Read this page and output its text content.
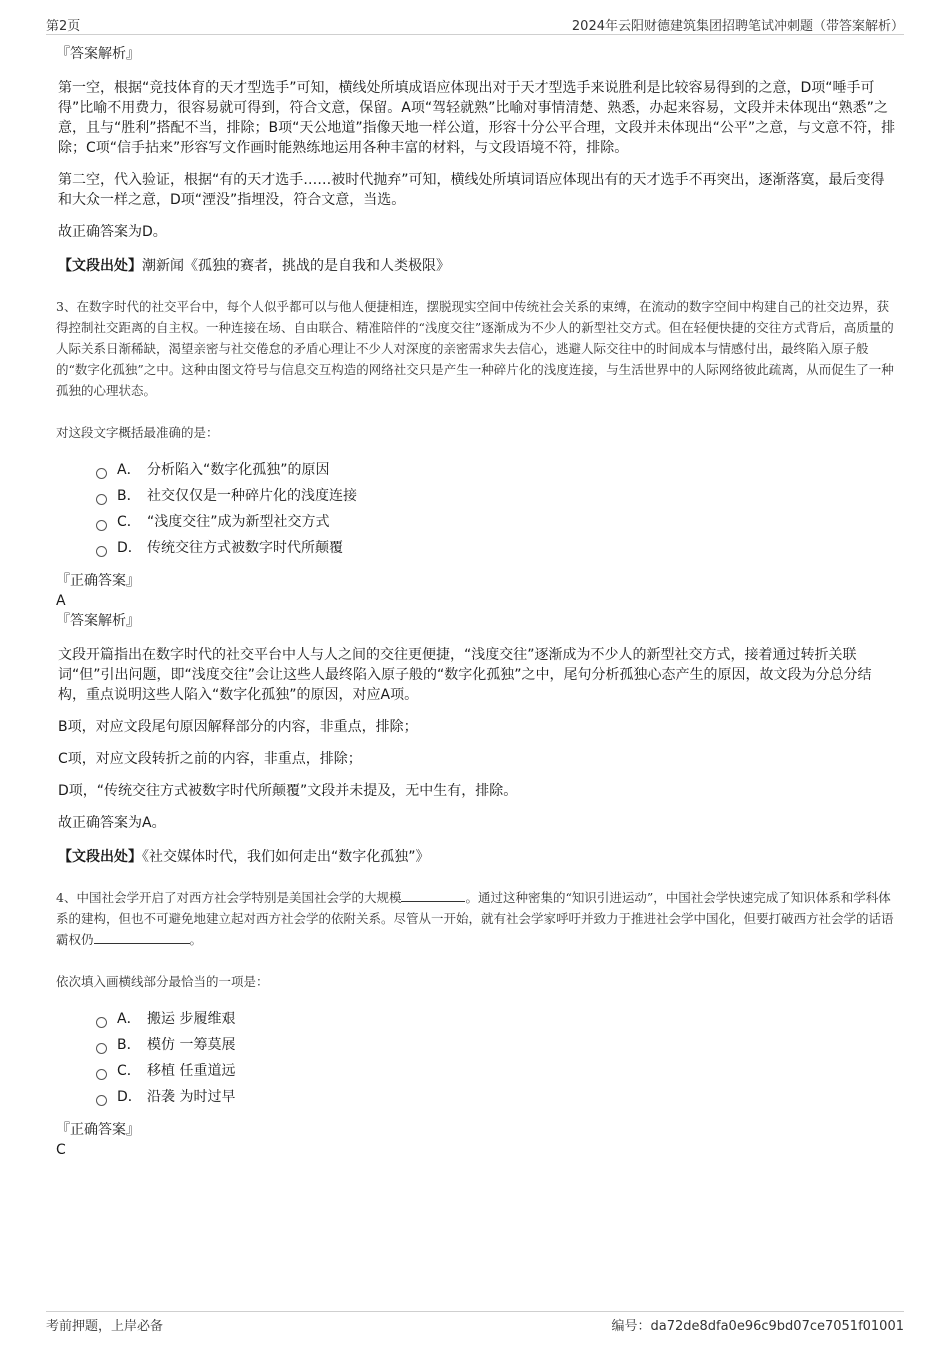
第2页	2024年云阳财德建筑集团招聘笔试冲刺题（带答案解析）

『答案解析』

第一空，根据“竞技体育的天才型选手”可知，横线处所填成语应体现出对于天才型选手来说胜利是比较容易得到的之意，D项“唾手可得”比喻不用费力，很容易就可得到，符合文意，保留。A项“驾轻就熟”比喻对事情清楚、熟悉，办起来容易，文段并未体现出“熟悉”之意，且与“胜利”搭配不当，排除；B项“天公地道”指像天地一样公道，形容十分公平合理，文段并未体现出“公平”之意，与文意不符，排除；C项“信手拈来”形容写文作画时能熟练地运用各种丰富的材料，与文段语境不符，排除。

第二空，代入验证，根据“有的天才选手……被时代抛弃”可知，横线处所填词语应体现出有的天才选手不再突出，逐渐落寞，最后变得和大众一样之意，D项“湮没”指埋没，符合文意，当选。

故正确答案为D。

【文段出处】潮新闻《孤独的赛者，挑战的是自我和人类极限》

3、在数字时代的社交平台中，每个人似乎都可以与他人便捷相连，摆脱现实空间中传统社会关系的束缚，在流动的数字空间中构建自己的社交边界，获得控制社交距离的自主权。一种连接在场、自由联合、精准陪伴的“浅度交往”逐渐成为不少人的新型社交方式。但在轻便快捷的交往方式背后，高质量的人际关系日渐稀缺，渴望亲密与社交倦怠的矛盾心理让不少人对深度的亲密需求失去信心，逃避人际交往中的时间成本与情感付出，最终陷入原子般的“数字化孤独”之中。这种由图文符号与信息交互构造的网络社交只是产生一种碎片化的浅度连接，与生活世界中的人际网络彼此疏离，从而促生了一种孤独的心理状态。

对这段文字概括最准确的是：

A． 分析陷入“数字化孤独”的原因
B． 社交仅仅是一种碎片化的浅度连接
C． “浅度交往”成为新型社交方式
D． 传统交往方式被数字时代所颠覆

『正确答案』

A

『答案解析』

文段开篇指出在数字时代的社交平台中人与人之间的交往更便捷，“浅度交往”逐渐成为不少人的新型社交方式，接着通过转折关联词“但”引出问题，即“浅度交往”会让这些人最终陷入原子般的“数字化孤独”之中，尾句分析孤独心态产生的原因，故文段为分总分结构，重点说明这些人陷入“数字化孤独”的原因，对应A项。

B项，对应文段尾句原因解释部分的内容，非重点，排除；

C项，对应文段转折之前的内容，非重点，排除；

D项，“传统交往方式被数字时代所颠覆”文段并未提及，无中生有，排除。

故正确答案为A。

【文段出处】《社交媒体时代，我们如何走出“数字化孤独”》

4、中国社会学开启了对西方社会学特别是美国社会学的大规模	。通过这种密集的“知识引进运动”，中国社会学快速完成了知识体系和学科体系的建构，但也不可避免地建立起对西方社会学的依附关系。尽管从一开始，就有社会学家呼吁并致力于推进社会学中国化，但要打破西方社会学的话语霸权仍	。

依次填入画横线部分最恰当的一项是：

A． 搬运 步履维艰
B． 模仿 一筹莫展
C． 移植 任重道远
D． 沿袭 为时过早

『正确答案』

C

考前押题，上岸必备	编号：da72de8dfa0e96c9bd07ce7051f01001
